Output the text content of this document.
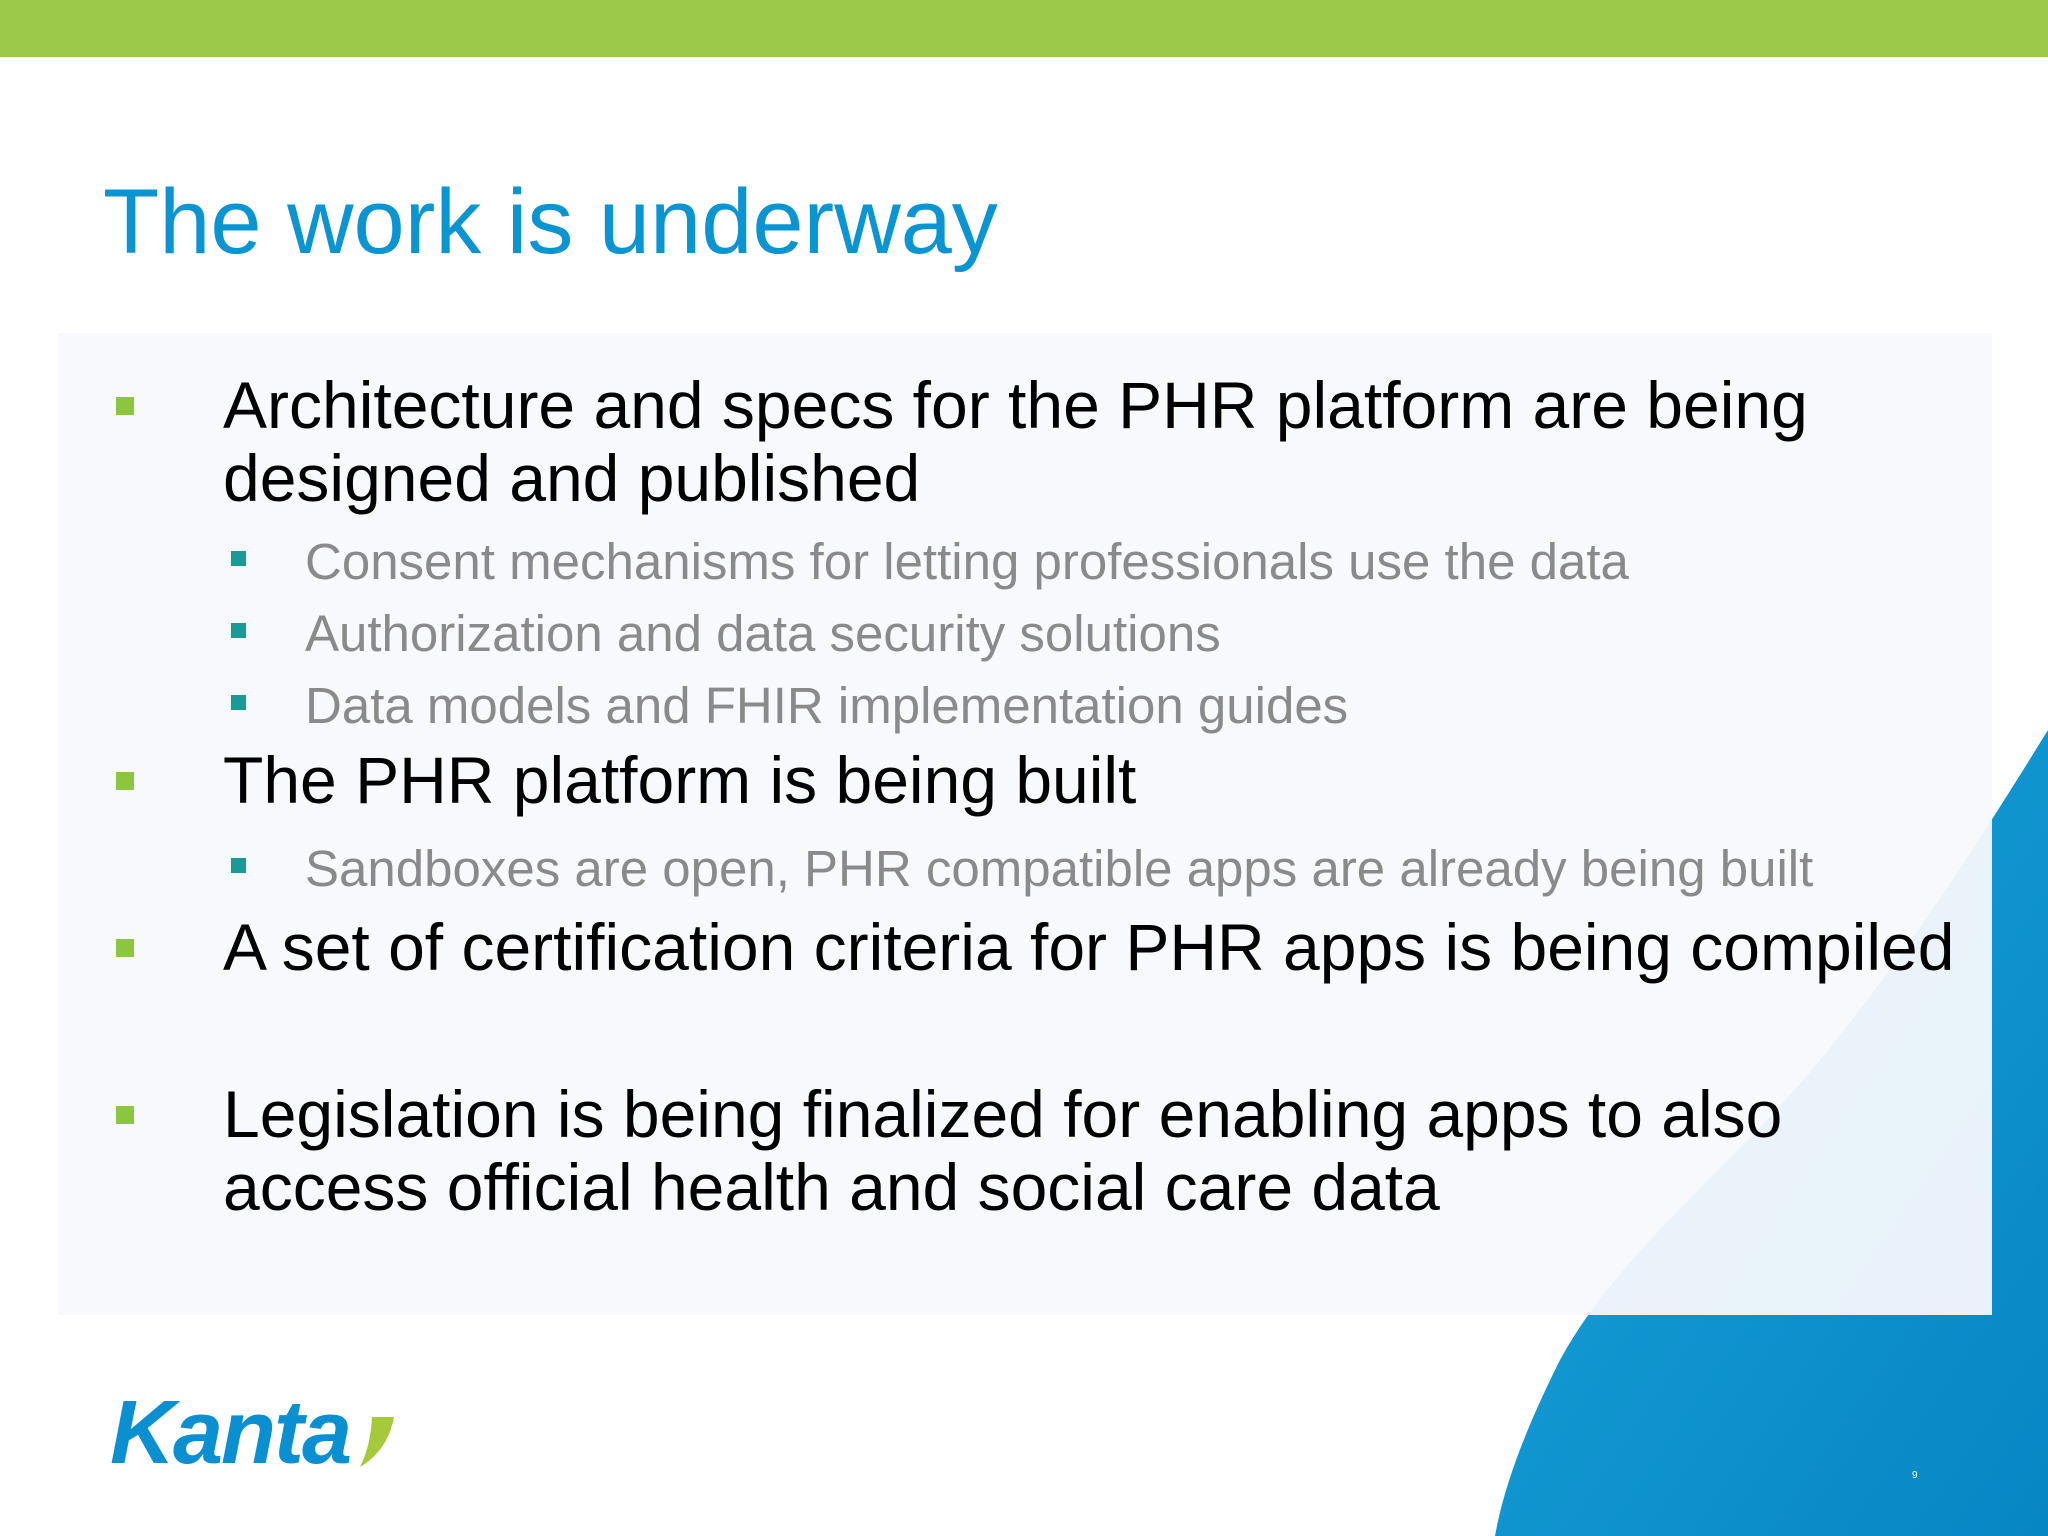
The work is underway
Architecture and specs for the PHR platform are being designed and published
Consent mechanisms for letting professionals use the data
Authorization and data security solutions
Data models and FHIR implementation guides
The PHR platform is being built
Sandboxes are open, PHR compatible apps are already being built
A set of certification criteria for PHR apps is being compiled
Legislation is being finalized for enabling apps to also access official health and social care data
Kanta	9
